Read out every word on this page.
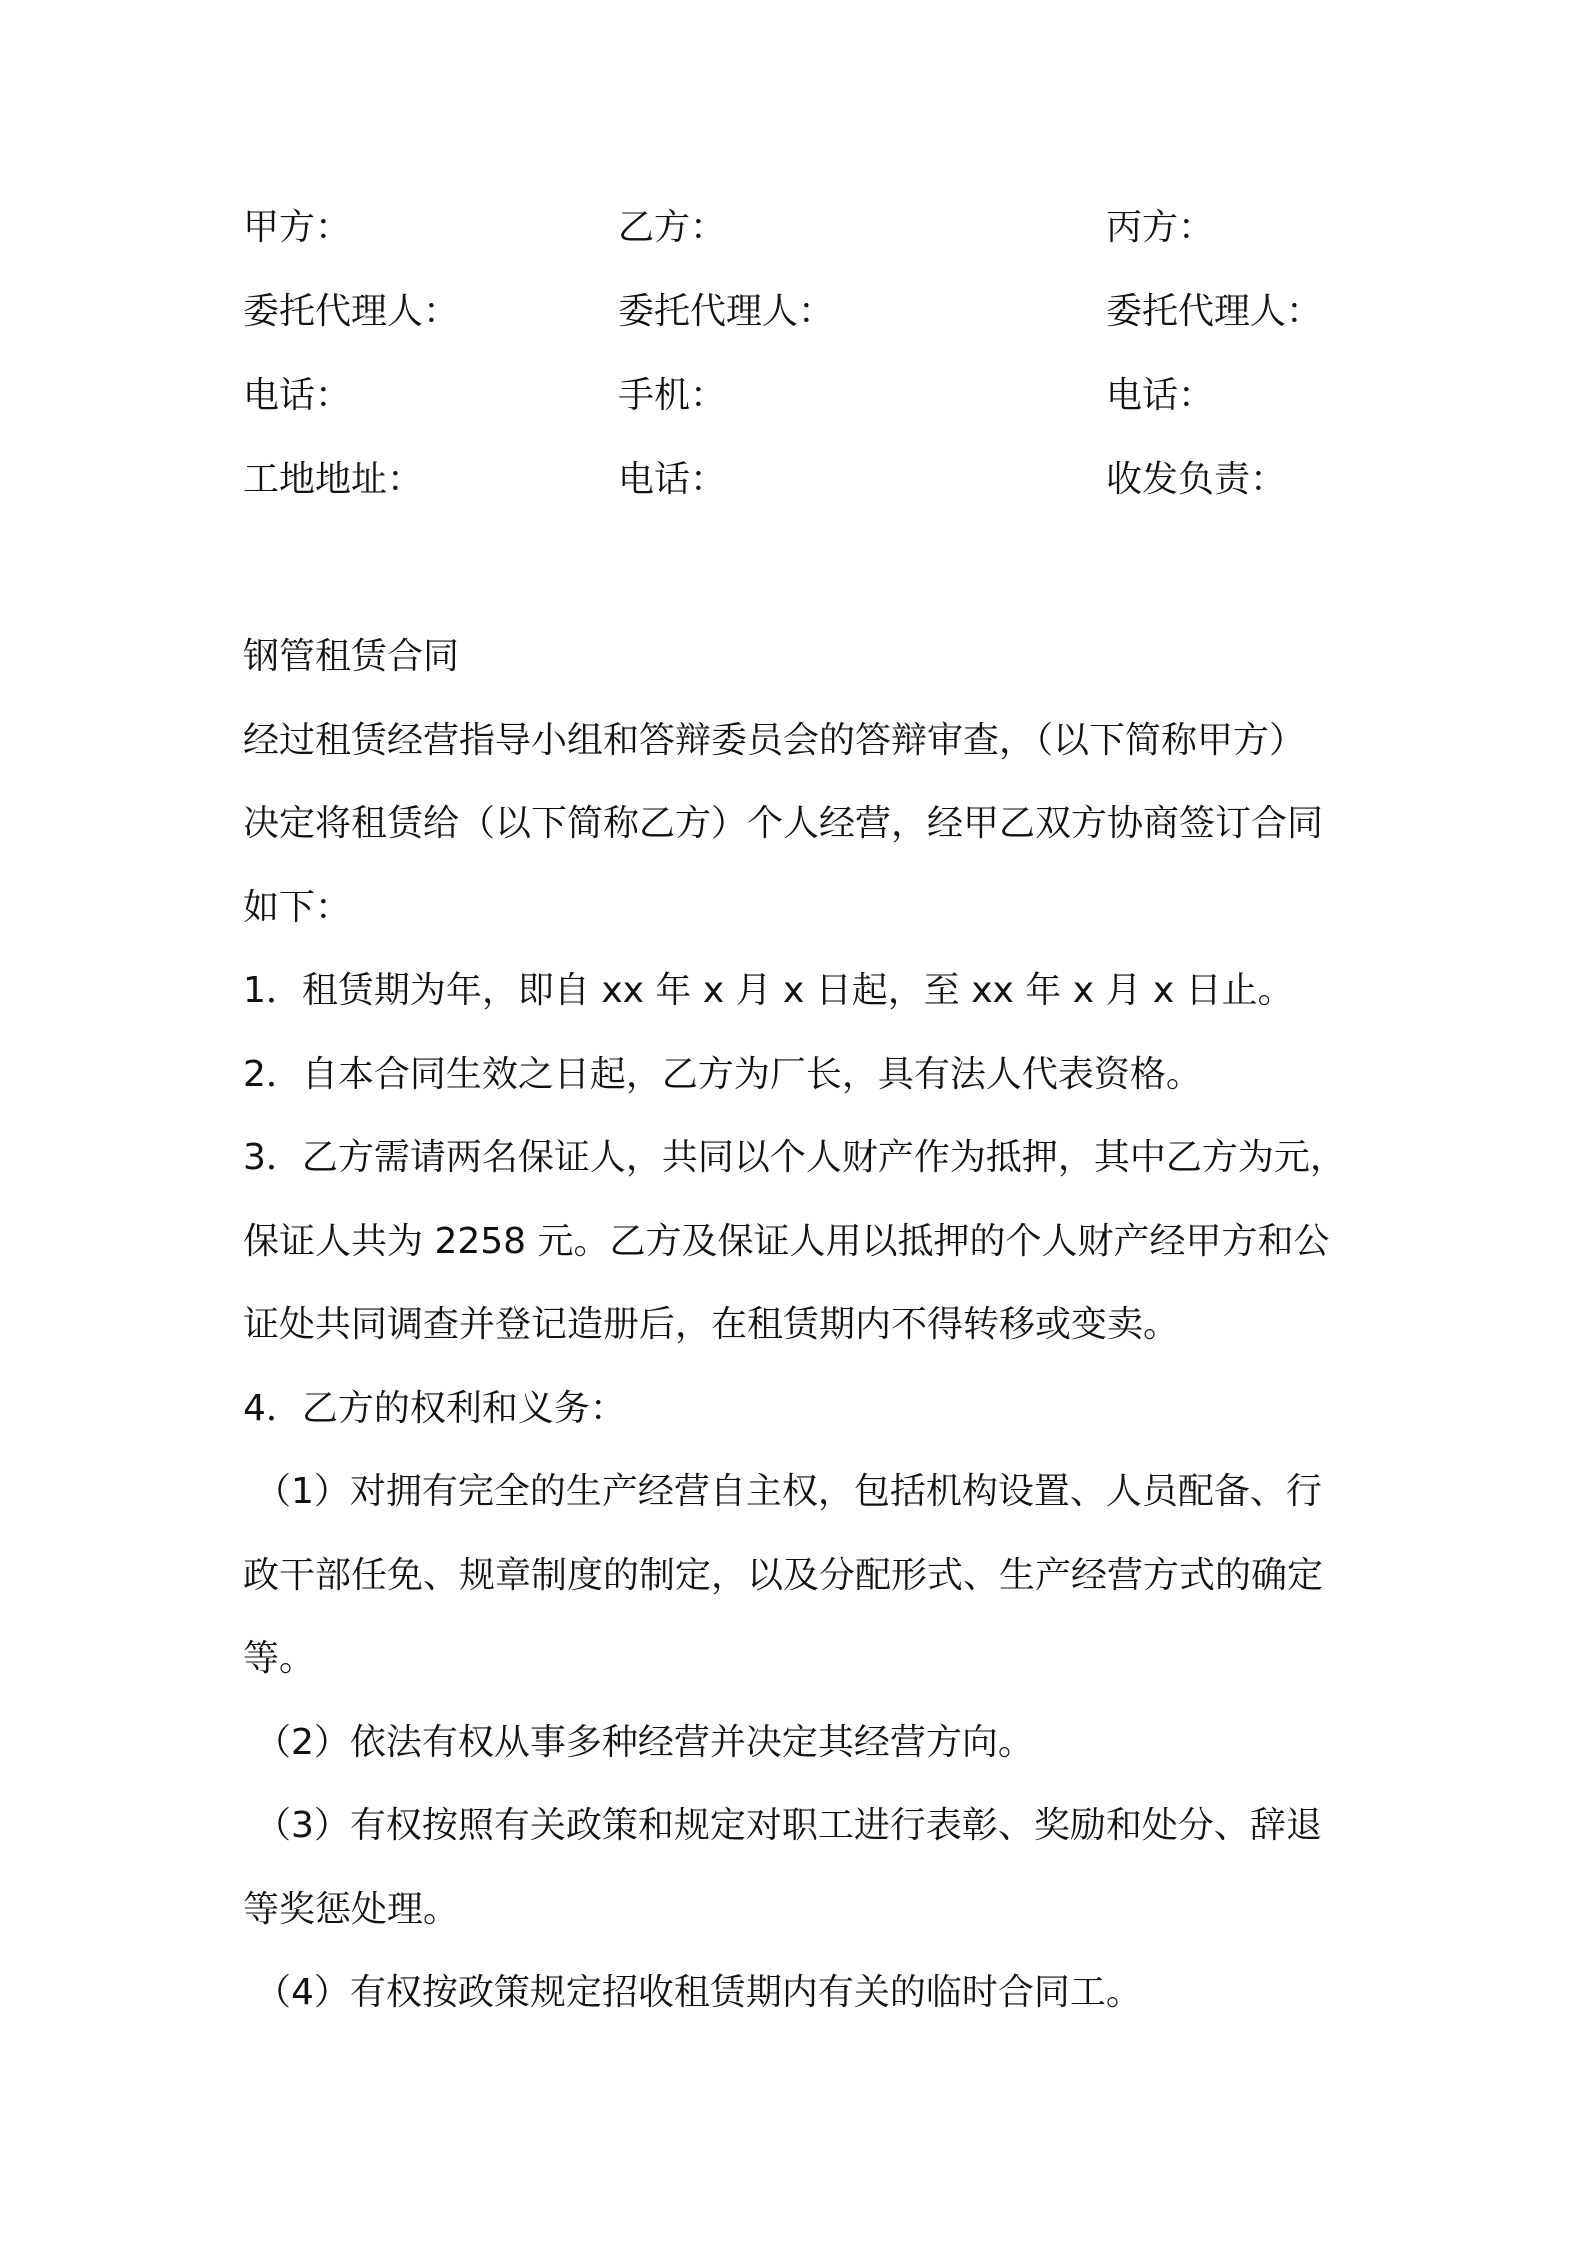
甲方：	乙方：	丙方：
委托代理人：	委托代理人：	委托代理人：
电话：	手机：	电话：
工地地址：	电话：	收发负责：
钢管租赁合同
经过租赁经营指导小组和答辩委员会的答辩审查，（以下简称甲方）
决定将租赁给（以下简称乙方）个人经营，经甲乙双方协商签订合同
如下：
1．租赁期为年，即自 xx 年 x 月 x 日起，至 xx 年 x 月 x 日止。
2．自本合同生效之日起，乙方为厂长，具有法人代表资格。
3．乙方需请两名保证人，共同以个人财产作为抵押，其中乙方为元，
保证人共为 2258 元。乙方及保证人用以抵押的个人财产经甲方和公
证处共同调查并登记造册后，在租赁期内不得转移或变卖。
4．乙方的权利和义务：
（1）对拥有完全的生产经营自主权，包括机构设置、人员配备、行
政干部任免、规章制度的制定，以及分配形式、生产经营方式的确定
等。
（2）依法有权从事多种经营并决定其经营方向。
（3）有权按照有关政策和规定对职工进行表彰、奖励和处分、辞退
等奖惩处理。
（4）有权按政策规定招收租赁期内有关的临时合同工。
